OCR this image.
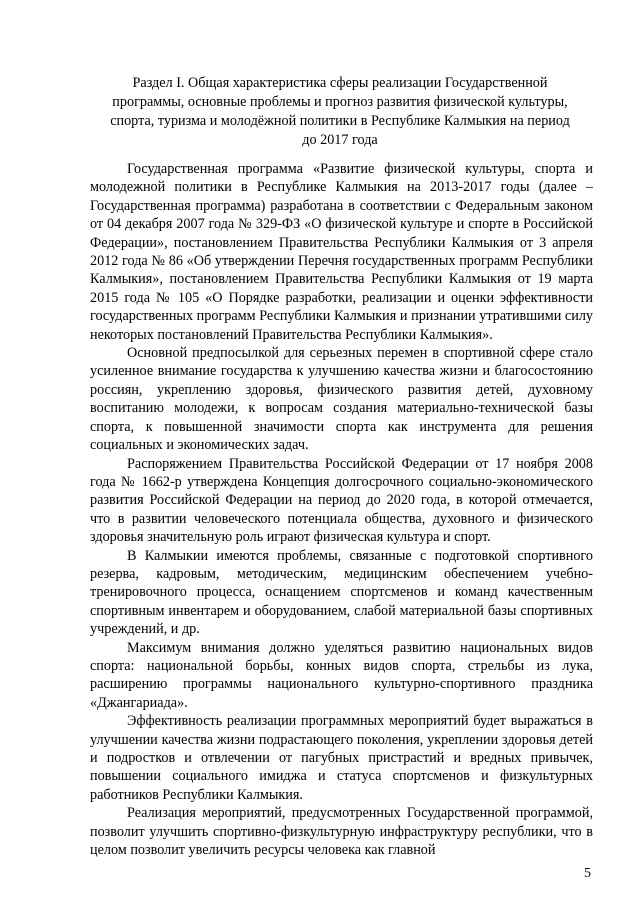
Раздел I. Общая характеристика сферы реализации Государственной
программы, основные проблемы и прогноз развития физической культуры,
спорта, туризма и молодёжной политики в Республике Калмыкия на период
до 2017 года

Государственная программа «Развитие физической культуры, спорта и молодежной политики в Республике Калмыкия на 2013-2017 годы (далее – Государственная программа) разработана в соответствии с Федеральным законом от 04 декабря 2007 года № 329-ФЗ «О физической культуре и спорте в Российской Федерации», постановлением Правительства Республики Калмыкия от 3 апреля 2012 года № 86 «Об утверждении Перечня государственных программ Республики Калмыкия», постановлением Правительства Республики Калмыкия от 19 марта 2015 года № 105 «О Порядке разработки, реализации и оценки эффективности государственных программ Республики Калмыкия и признании утратившими силу некоторых постановлений Правительства Республики Калмыкия».

Основной предпосылкой для серьезных перемен в спортивной сфере стало усиленное внимание государства к улучшению качества жизни и благосостоянию россиян, укреплению здоровья, физического развития детей, духовному воспитанию молодежи, к вопросам создания материально-технической базы спорта, к повышенной значимости спорта как инструмента для решения социальных и экономических задач.

Распоряжением Правительства Российской Федерации от 17 ноября 2008 года № 1662-р утверждена Концепция долгосрочного социально-экономического развития Российской Федерации на период до 2020 года, в которой отмечается, что в развитии человеческого потенциала общества, духовного и физического здоровья значительную роль играют физическая культура и спорт.

В Калмыкии имеются проблемы, связанные с подготовкой спортивного резерва, кадровым, методическим, медицинским обеспечением учебно-тренировочного процесса, оснащением спортсменов и команд качественным спортивным инвентарем и оборудованием, слабой материальной базы спортивных учреждений, и др.

Максимум внимания должно уделяться развитию национальных видов спорта: национальной борьбы, конных видов спорта, стрельбы из лука, расширению программы национального культурно-спортивного праздника «Джангариада».

Эффективность реализации программных мероприятий будет выражаться в улучшении качества жизни подрастающего поколения, укреплении здоровья детей и подростков и отвлечении от пагубных пристрастий и вредных привычек, повышении социального имиджа и статуса спортсменов и физкультурных работников Республики Калмыкия.

Реализация мероприятий, предусмотренных Государственной программой, позволит улучшить спортивно-физкультурную инфраструктуру республики, что в целом позволит увеличить ресурсы человека как главной

5
